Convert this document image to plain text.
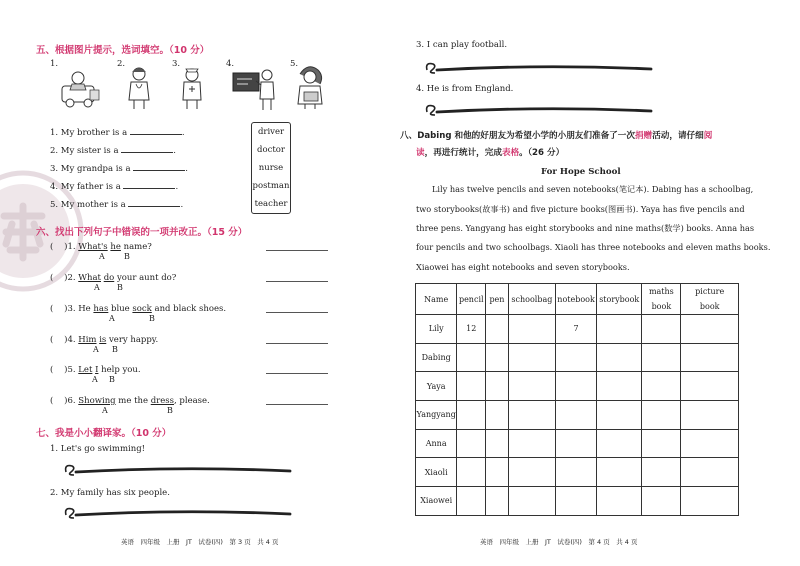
五、根据图片提示，选词填空。（10 分）
1.	2.	3.	4.	5.
1. My brother is a	.
2. My sister is a	.
3. My grandpa is a	.
4. My father is a	.
5. My mother is a	.
driver
doctor
nurse
postman
teacher
六、找出下列句子中错误的一项并改正。（15 分）
( )1. What's he name?
A B
( )2. What do your aunt do?
A B
( )3. He has blue sock and black shoes.
A	B
( )4. Him is very happy.
A B
( )5. Let I help you.
A B
( )6. Showing me the dress, please.
A	B
七、我是小小翻译家。（10 分）
1. Let's go swimming!
2. My family has six people.
英语　四年级　上册　JT　试卷(四)　第 3 页　共 4 页
3. I can play football.
4. He is from England.
八、Dabing 和他的好朋友为希望小学的小朋友们准备了一次捐赠活动，请仔细阅
读，再进行统计，完成表格。（26 分）
For Hope School
Lily has twelve pencils and seven notebooks(笔记本). Dabing has a schoolbag,
two storybooks(故事书) and five picture books(图画书). Yaya has five pencils and
three pens. Yangyang has eight storybooks and nine maths(数学) books. Anna has
four pencils and two schoolbags. Xiaoli has three notebooks and eleven maths books.
Xiaowei has eight notebooks and seven storybooks.
Name	pencil	pen	schoolbag	notebook	storybook	maths book	picture book
Lily	12			7			
Dabing							
Yaya							
Yangyang							
Anna							
Xiaoli							
Xiaowei							
英语　四年级　上册　JT　试卷(四)　第 4 页　共 4 页
